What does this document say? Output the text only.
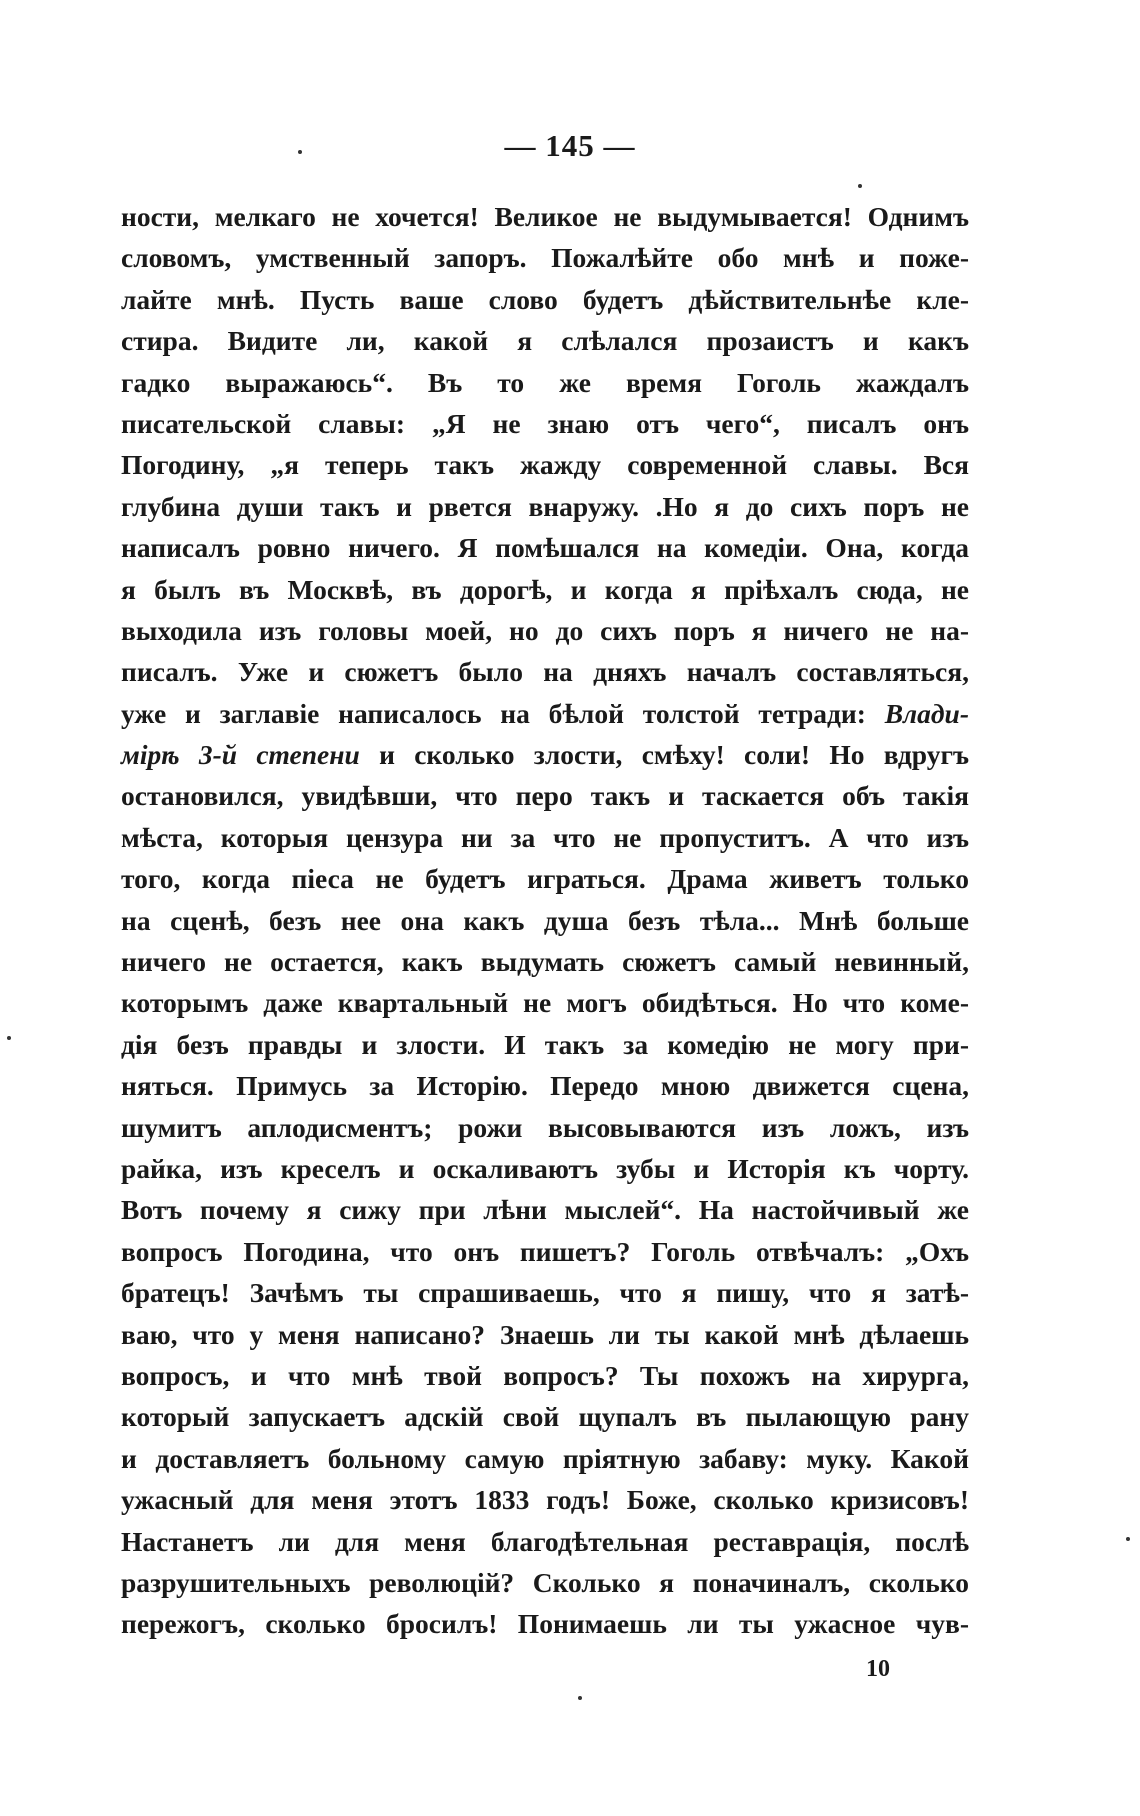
— 145 —
ности, мелкаго не хочется! Великое не выдумывается! Однимъ
словомъ, умственный запоръ. Пожалѣйте обо мнѣ и поже-
лайте мнѣ. Пусть ваше слово будетъ дѣйствительнѣе кле-
стира. Видите ли, какой я слѣлался прозаистъ и какъ
гадко выражаюсь“. Въ то же время Гоголь жаждалъ
писательской славы: „Я не знаю отъ чего“, писалъ онъ
Погодину, „я теперь такъ жажду современной славы. Вся
глубина души такъ и рвется внаружу. .Но я до сихъ поръ не
написалъ ровно ничего. Я помѣшался на комедіи. Она, когда
я былъ въ Москвѣ, въ дорогѣ, и когда я пріѣхалъ сюда, не
выходила изъ головы моей, но до сихъ поръ я ничего не на-
писалъ. Уже и сюжетъ было на дняхъ началъ составляться,
уже и заглавіе написалось на бѣлой толстой тетради: Влади-
мірѣ 3-й степени и сколько злости, смѣху! соли! Но вдругъ
остановился, увидѣвши, что перо такъ и таскается объ такія
мѣста, которыя цензура ни за что не пропуститъ. А что изъ
того, когда піеса не будетъ играться. Драма живетъ только
на сценѣ, безъ нее она какъ душа безъ тѣла... Мнѣ больше
ничего не остается, какъ выдумать сюжетъ самый невинный,
которымъ даже квартальный не могъ обидѣться. Но что коме-
дія безъ правды и злости. И такъ за комедію не могу при-
няться. Примусь за Исторію. Передо мною движется сцена,
шумитъ аплодисментъ; рожи высовываются изъ ложъ, изъ
райка, изъ креселъ и оскаливаютъ зубы и Исторія къ чорту.
Вотъ почему я сижу при лѣни мыслей“. На настойчивый же
вопросъ Погодина, что онъ пишетъ? Гоголь отвѣчалъ: „Охъ
братецъ! Зачѣмъ ты спрашиваешь, что я пишу, что я затѣ-
ваю, что у меня написано? Знаешь ли ты какой мнѣ дѣлаешь
вопросъ, и что мнѣ твой вопросъ? Ты похожъ на хирурга,
который запускаетъ адскій свой щупалъ въ пылающую рану
и доставляетъ больному самую пріятную забаву: муку. Какой
ужасный для меня этотъ 1833 годъ! Боже, сколько кризисовъ!
Настанетъ ли для меня благодѣтельная реставрація, послѣ
разрушительныхъ революцій? Сколько я поначиналъ, сколько
пережогъ, сколько бросилъ! Понимаешь ли ты ужасное чув-
10
